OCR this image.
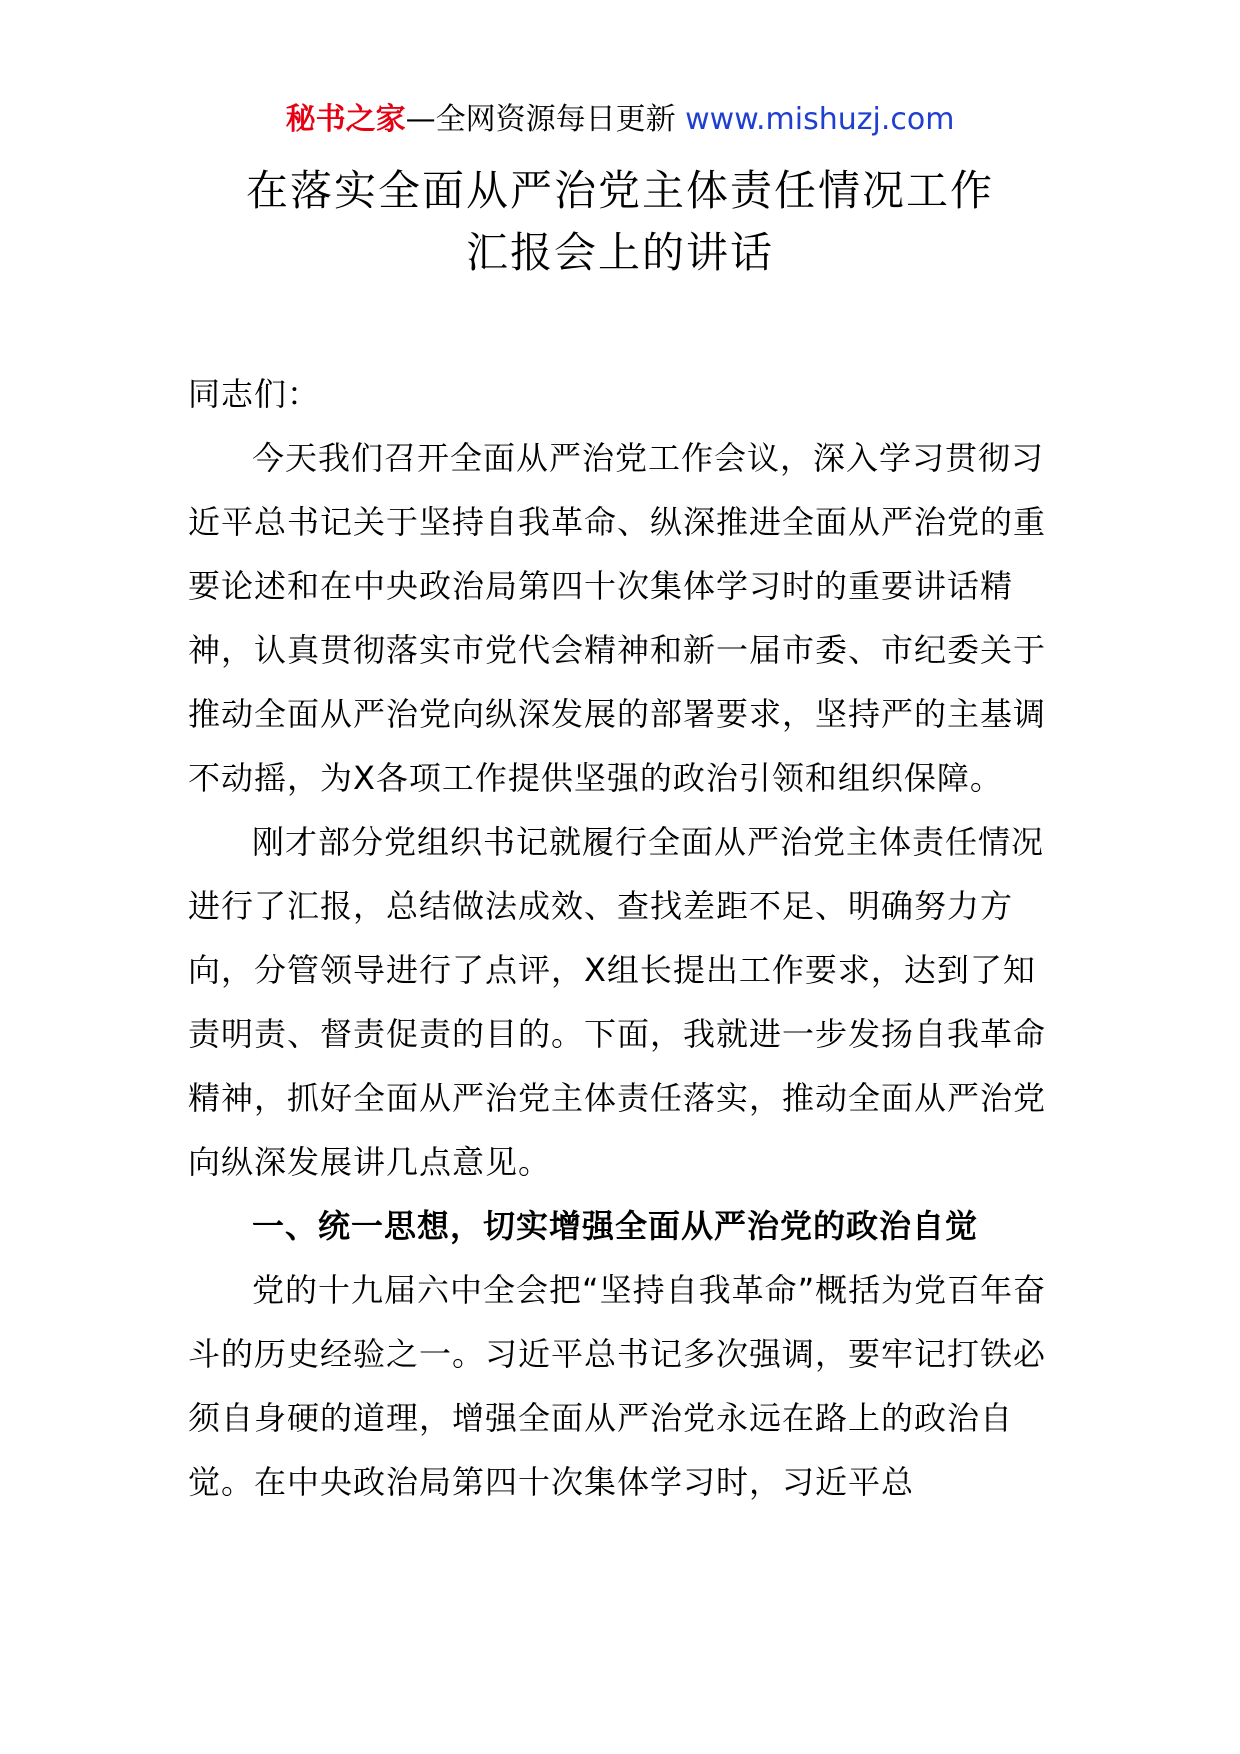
秘书之家—全网资源每日更新 www.mishuzj.com
在落实全面从严治党主体责任情况工作
汇报会上的讲话

同志们：

今天我们召开全面从严治党工作会议，深入学习贯彻习近平总书记关于坚持自我革命、纵深推进全面从严治党的重要论述和在中央政治局第四十次集体学习时的重要讲话精神，认真贯彻落实市党代会精神和新一届市委、市纪委关于推动全面从严治党向纵深发展的部署要求，坚持严的主基调不动摇，为X各项工作提供坚强的政治引领和组织保障。

刚才部分党组织书记就履行全面从严治党主体责任情况进行了汇报，总结做法成效、查找差距不足、明确努力方向，分管领导进行了点评，X组长提出工作要求，达到了知责明责、督责促责的目的。下面，我就进一步发扬自我革命精神，抓好全面从严治党主体责任落实，推动全面从严治党向纵深发展讲几点意见。

一、统一思想，切实增强全面从严治党的政治自觉

党的十九届六中全会把“坚持自我革命”概括为党百年奋斗的历史经验之一。习近平总书记多次强调，要牢记打铁必须自身硬的道理，增强全面从严治党永远在路上的政治自觉。在中央政治局第四十次集体学习时，习近平总
